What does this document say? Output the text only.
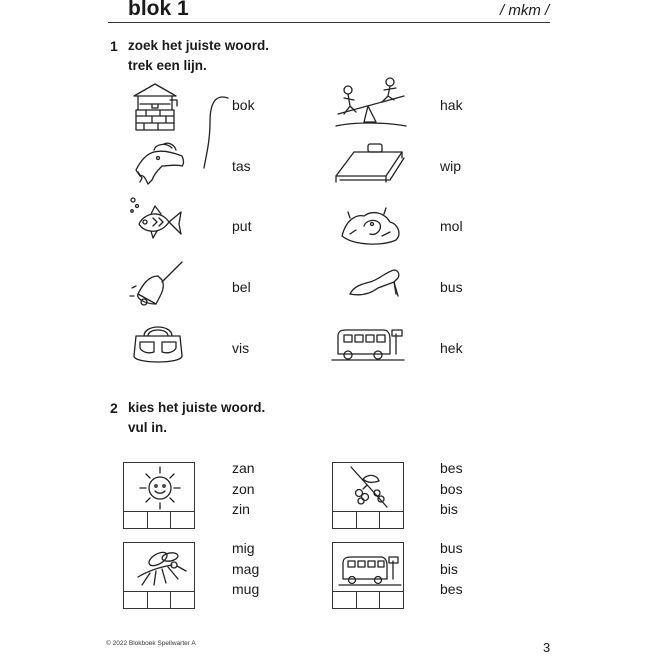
blok 1	/ mkm /
1 zoek het juiste woord.
trek een lijn.
bok
tas
put
bel
vis
hak
wip
mol
bus
hek
2 kies het juiste woord.
vul in.
zan
zon
zin
bes
bos
bis
mig
mag
mug
bus
bis
bes
© 2022 Blokboek Spellwarter A	3
